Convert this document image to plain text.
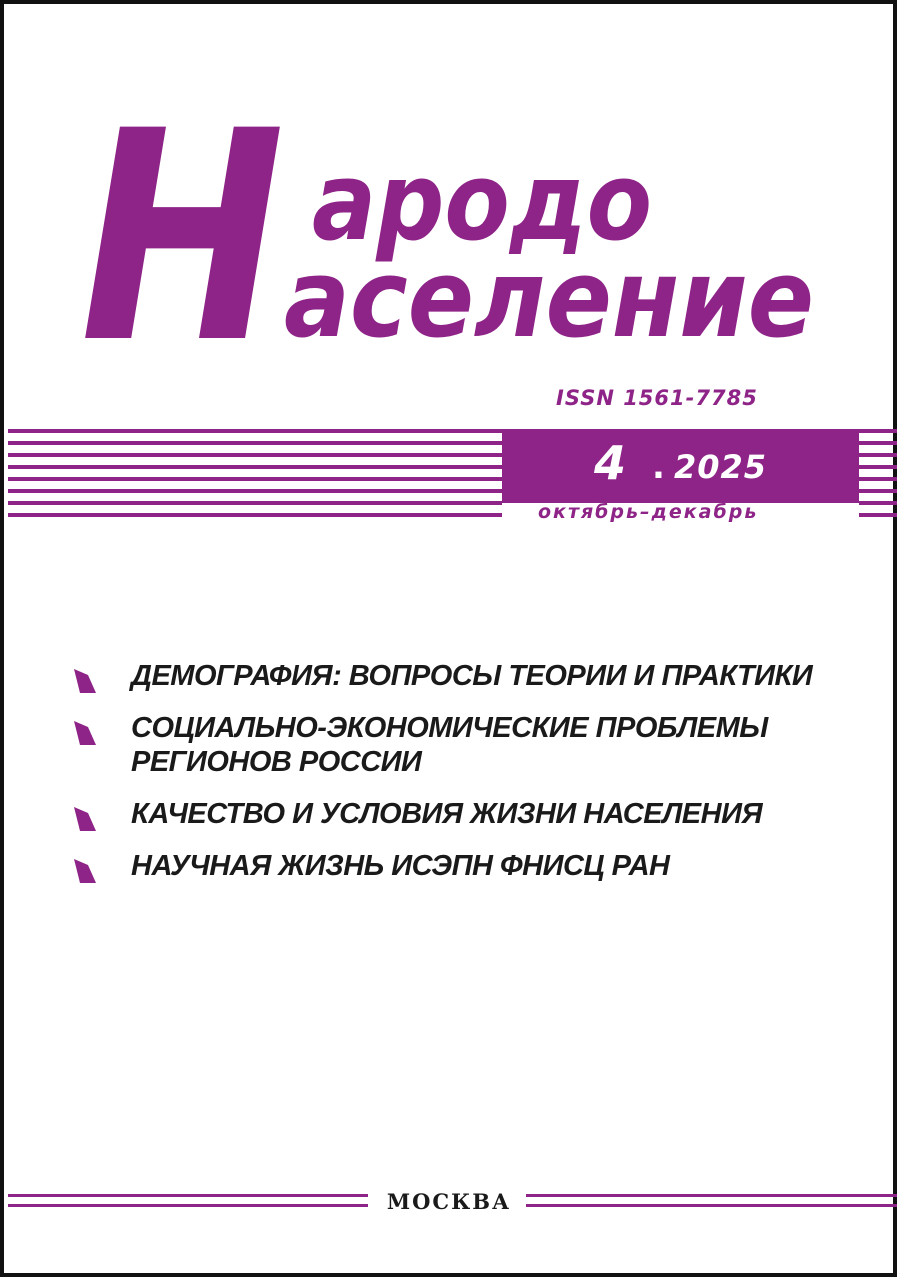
Н ародо
аселение
ISSN 1561-7785
4 . 2025
октябрь–декабрь
ДЕМОГРАФИЯ: ВОПРОСЫ ТЕОРИИ И ПРАКТИКИ
СОЦИАЛЬНО-ЭКОНОМИЧЕСКИЕ ПРОБЛЕМЫ
РЕГИОНОВ РОССИИ
КАЧЕСТВО И УСЛОВИЯ ЖИЗНИ НАСЕЛЕНИЯ
НАУЧНАЯ ЖИЗНЬ ИСЭПН ФНИСЦ РАН
МОСКВА
